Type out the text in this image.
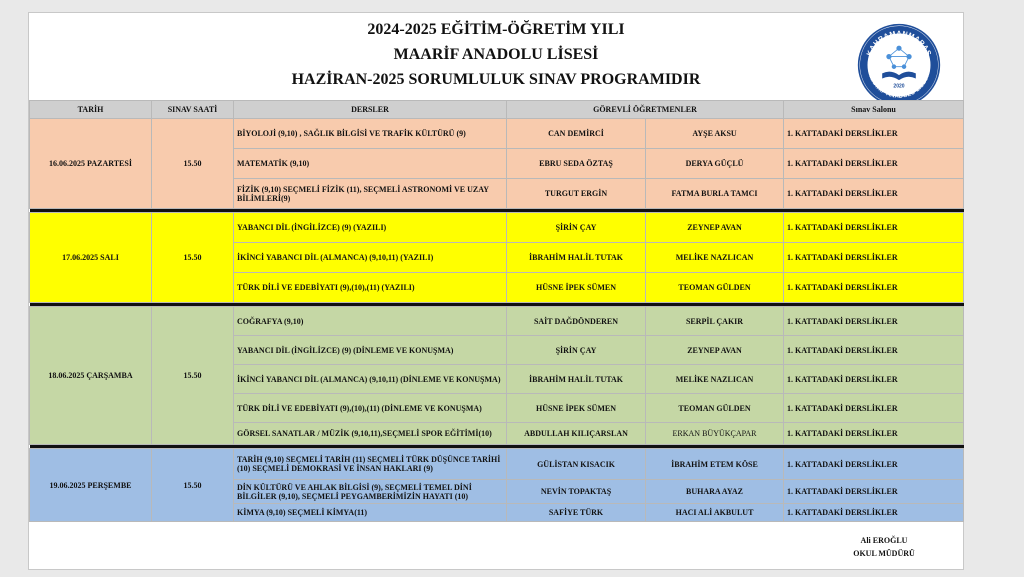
2024-2025 EĞİTİM-ÖĞRETİM YILI
MAARİF ANADOLU LİSESİ
HAZİRAN-2025 SORUMLULUK SINAV PROGRAMIDIR
KAHRAMANMARAŞ
MAARİF ANADOLU LİSESİ
2020
TARİH	SINAV SAATİ	DERSLER	GÖREVLİ ÖĞRETMENLER		Sınav Salonu
16.06.2025 PAZARTESİ	15.50	BİYOLOJİ (9,10) , SAĞLIK BİLGİSİ VE TRAFİK KÜLTÜRÜ (9)	CAN DEMİRCİ	AYŞE AKSU	1. KATTADAKİ DERSLİKLER
		MATEMATİK (9,10)	EBRU SEDA ÖZTAŞ	DERYA GÜÇLÜ	1. KATTADAKİ DERSLİKLER
		FİZİK (9,10) SEÇMELİ FİZİK (11), SEÇMELİ ASTRONOMİ VE UZAY BİLİMLERİ(9)	TURGUT ERGİN	FATMA BURLA TAMCI	1. KATTADAKİ DERSLİKLER

17.06.2025 SALI	15.50	YABANCI DİL (İNGİLİZCE) (9) (YAZILI)	ŞİRİN ÇAY	ZEYNEP AVAN	1. KATTADAKİ DERSLİKLER
		İKİNCİ YABANCI DİL (ALMANCA) (9,10,11) (YAZILI)	İBRAHİM HALİL TUTAK	MELİKE NAZLICAN	1. KATTADAKİ DERSLİKLER
		TÜRK DİLİ VE EDEBİYATI (9),(10),(11) (YAZILI)	HÜSNE İPEK SÜMEN	TEOMAN GÜLDEN	1. KATTADAKİ DERSLİKLER

18.06.2025 ÇARŞAMBA	15.50	COĞRAFYA (9,10)	SAİT DAĞDÖNDEREN	SERPİL ÇAKIR	1. KATTADAKİ DERSLİKLER
		YABANCI DİL (İNGİLİZCE) (9) (DİNLEME VE KONUŞMA)	ŞİRİN ÇAY	ZEYNEP AVAN	1. KATTADAKİ DERSLİKLER
		İKİNCİ YABANCI DİL (ALMANCA) (9,10,11) (DİNLEME VE KONUŞMA)	İBRAHİM HALİL TUTAK	MELİKE NAZLICAN	1. KATTADAKİ DERSLİKLER
		TÜRK DİLİ VE EDEBİYATI (9),(10),(11) (DİNLEME VE KONUŞMA)	HÜSNE İPEK SÜMEN	TEOMAN GÜLDEN	1. KATTADAKİ DERSLİKLER
		GÖRSEL SANATLAR / MÜZİK (9,10,11),SEÇMELİ SPOR EĞİTİMİ(10)	ABDULLAH KILIÇARSLAN	ERKAN BÜYÜKÇAPAR	1. KATTADAKİ DERSLİKLER

19.06.2025 PERŞEMBE	15.50	TARİH (9,10) SEÇMELİ TARİH (11) SEÇMELİ TÜRK DÜŞÜNCE TARİHİ (10) SEÇMELİ DEMOKRASİ VE İNSAN HAKLARI (9)	GÜLİSTAN KISACIK	İBRAHİM ETEM KÖSE	1. KATTADAKİ DERSLİKLER
		DİN KÜLTÜRÜ VE AHLAK BİLGİSİ (9), SEÇMELİ TEMEL DİNİ BİLGİLER (9,10), SEÇMELİ PEYGAMBERİMİZİN HAYATI (10)	NEVİN TOPAKTAŞ	BUHARA AYAZ	1. KATTADAKİ DERSLİKLER
		KİMYA (9,10) SEÇMELİ KİMYA(11)	SAFİYE TÜRK	HACI ALİ AKBULUT	1. KATTADAKİ DERSLİKLER
Ali EROĞLU
OKUL MÜDÜRÜ
